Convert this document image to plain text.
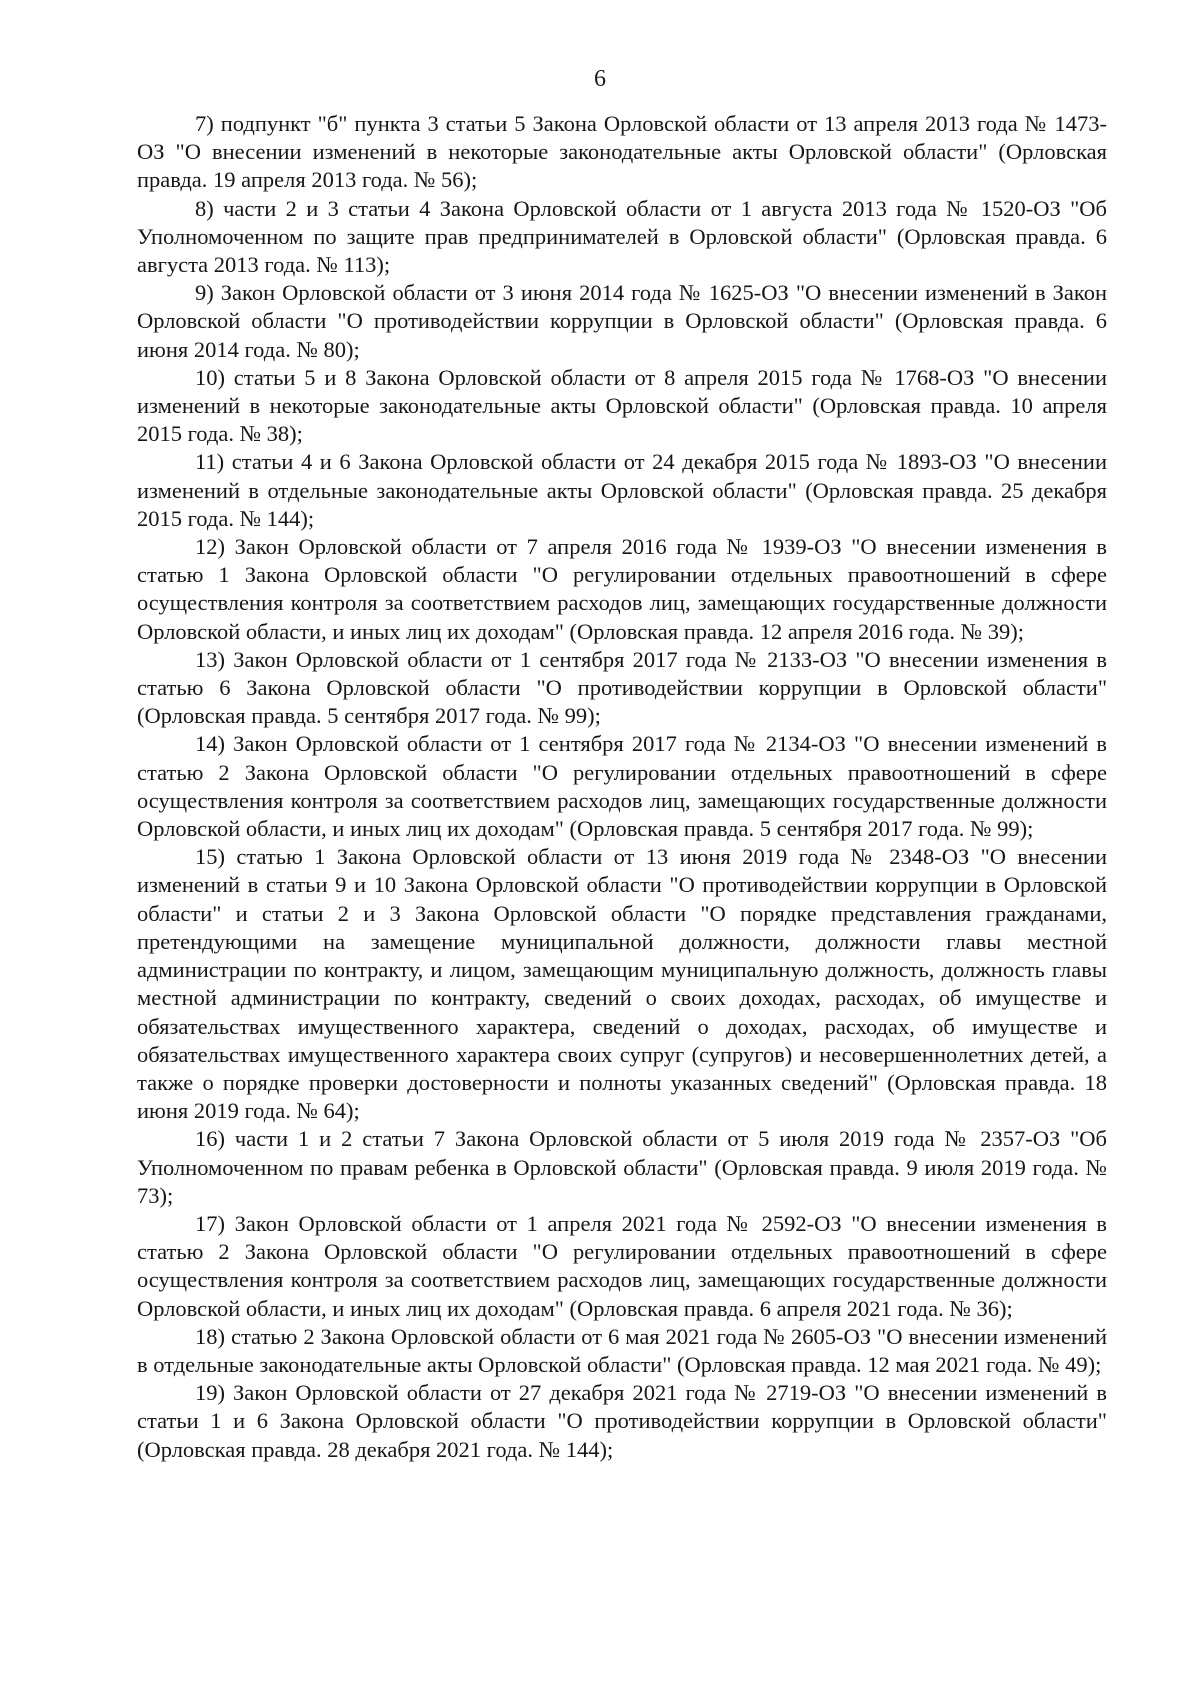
6

7) подпункт "б" пункта 3 статьи 5 Закона Орловской области от 13 апреля 2013 года № 1473-ОЗ "О внесении изменений в некоторые законодательные акты Орловской области" (Орловская правда. 19 апреля 2013 года. № 56);

8) части 2 и 3 статьи 4 Закона Орловской области от 1 августа 2013 года № 1520-ОЗ "Об Уполномоченном по защите прав предпринимателей в Орловской области" (Орловская правда. 6 августа 2013 года. № 113);

9) Закон Орловской области от 3 июня 2014 года № 1625-ОЗ "О внесении изменений в Закон Орловской области "О противодействии коррупции в Орловской области" (Орловская правда. 6 июня 2014 года. № 80);

10) статьи 5 и 8 Закона Орловской области от 8 апреля 2015 года № 1768-ОЗ "О внесении изменений в некоторые законодательные акты Орловской области" (Орловская правда. 10 апреля 2015 года. № 38);

11) статьи 4 и 6 Закона Орловской области от 24 декабря 2015 года № 1893-ОЗ "О внесении изменений в отдельные законодательные акты Орловской области" (Орловская правда. 25 декабря 2015 года. № 144);

12) Закон Орловской области от 7 апреля 2016 года № 1939-ОЗ "О внесении изменения в статью 1 Закона Орловской области "О регулировании отдельных правоотношений в сфере осуществления контроля за соответствием расходов лиц, замещающих государственные должности Орловской области, и иных лиц их доходам" (Орловская правда. 12 апреля 2016 года. № 39);

13) Закон Орловской области от 1 сентября 2017 года № 2133-ОЗ "О внесении изменения в статью 6 Закона Орловской области "О противодействии коррупции в Орловской области" (Орловская правда. 5 сентября 2017 года. № 99);

14) Закон Орловской области от 1 сентября 2017 года № 2134-ОЗ "О внесении изменений в статью 2 Закона Орловской области "О регулировании отдельных правоотношений в сфере осуществления контроля за соответствием расходов лиц, замещающих государственные должности Орловской области, и иных лиц их доходам" (Орловская правда. 5 сентября 2017 года. № 99);

15) статью 1 Закона Орловской области от 13 июня 2019 года № 2348-ОЗ "О внесении изменений в статьи 9 и 10 Закона Орловской области "О противодействии коррупции в Орловской области" и статьи 2 и 3 Закона Орловской области "О порядке представления гражданами, претендующими на замещение муниципальной должности, должности главы местной администрации по контракту, и лицом, замещающим муниципальную должность, должность главы местной администрации по контракту, сведений о своих доходах, расходах, об имуществе и обязательствах имущественного характера, сведений о доходах, расходах, об имуществе и обязательствах имущественного характера своих супруг (супругов) и несовершеннолетних детей, а также о порядке проверки достоверности и полноты указанных сведений" (Орловская правда. 18 июня 2019 года. № 64);

16) части 1 и 2 статьи 7 Закона Орловской области от 5 июля 2019 года № 2357-ОЗ "Об Уполномоченном по правам ребенка в Орловской области" (Орловская правда. 9 июля 2019 года. № 73);

17) Закон Орловской области от 1 апреля 2021 года № 2592-ОЗ "О внесении изменения в статью 2 Закона Орловской области "О регулировании отдельных правоотношений в сфере осуществления контроля за соответствием расходов лиц, замещающих государственные должности Орловской области, и иных лиц их доходам" (Орловская правда. 6 апреля 2021 года. № 36);

18) статью 2 Закона Орловской области от 6 мая 2021 года № 2605-ОЗ "О внесении изменений в отдельные законодательные акты Орловской области" (Орловская правда. 12 мая 2021 года. № 49);

19) Закон Орловской области от 27 декабря 2021 года № 2719-ОЗ "О внесении изменений в статьи 1 и 6 Закона Орловской области "О противодействии коррупции в Орловской области" (Орловская правда. 28 декабря 2021 года. № 144);
